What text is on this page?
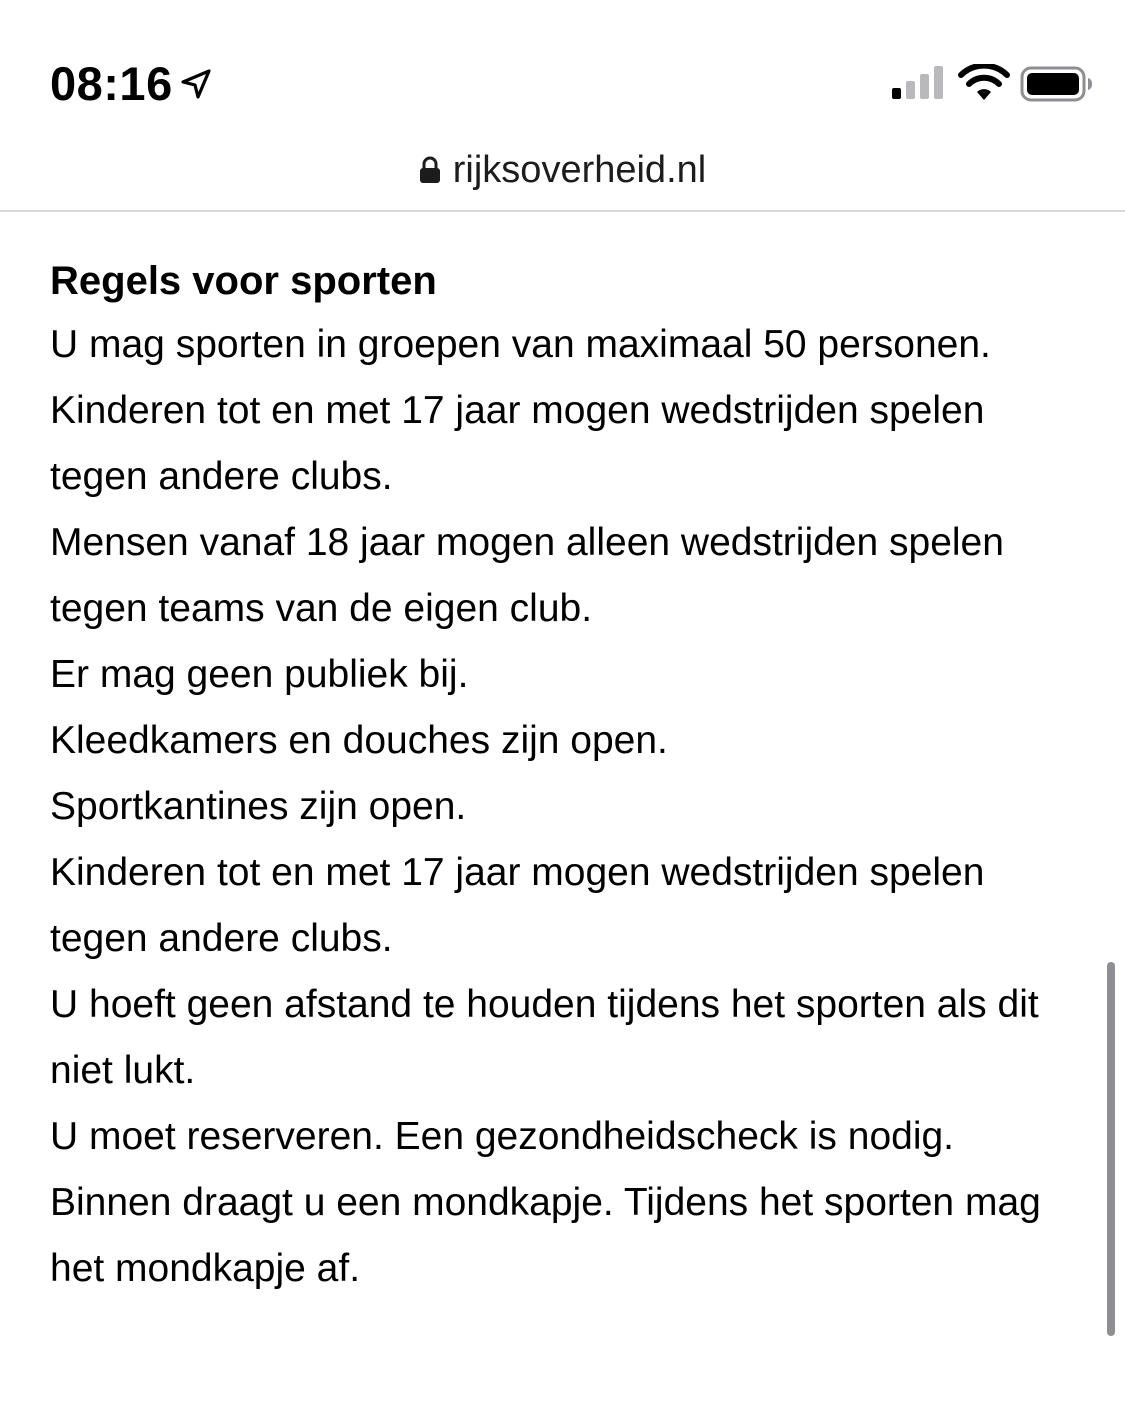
08:16
rijksoverheid.nl
Regels voor sporten

U mag sporten in groepen van maximaal 50 personen.

Kinderen tot en met 17 jaar mogen wedstrijden spelen tegen andere clubs.

Mensen vanaf 18 jaar mogen alleen wedstrijden spelen tegen teams van de eigen club.

Er mag geen publiek bij.

Kleedkamers en douches zijn open.

Sportkantines zijn open.

Kinderen tot en met 17 jaar mogen wedstrijden spelen tegen andere clubs.

U hoeft geen afstand te houden tijdens het sporten als dit niet lukt.

U moet reserveren. Een gezondheidscheck is nodig.

Binnen draagt u een mondkapje. Tijdens het sporten mag het mondkapje af.
